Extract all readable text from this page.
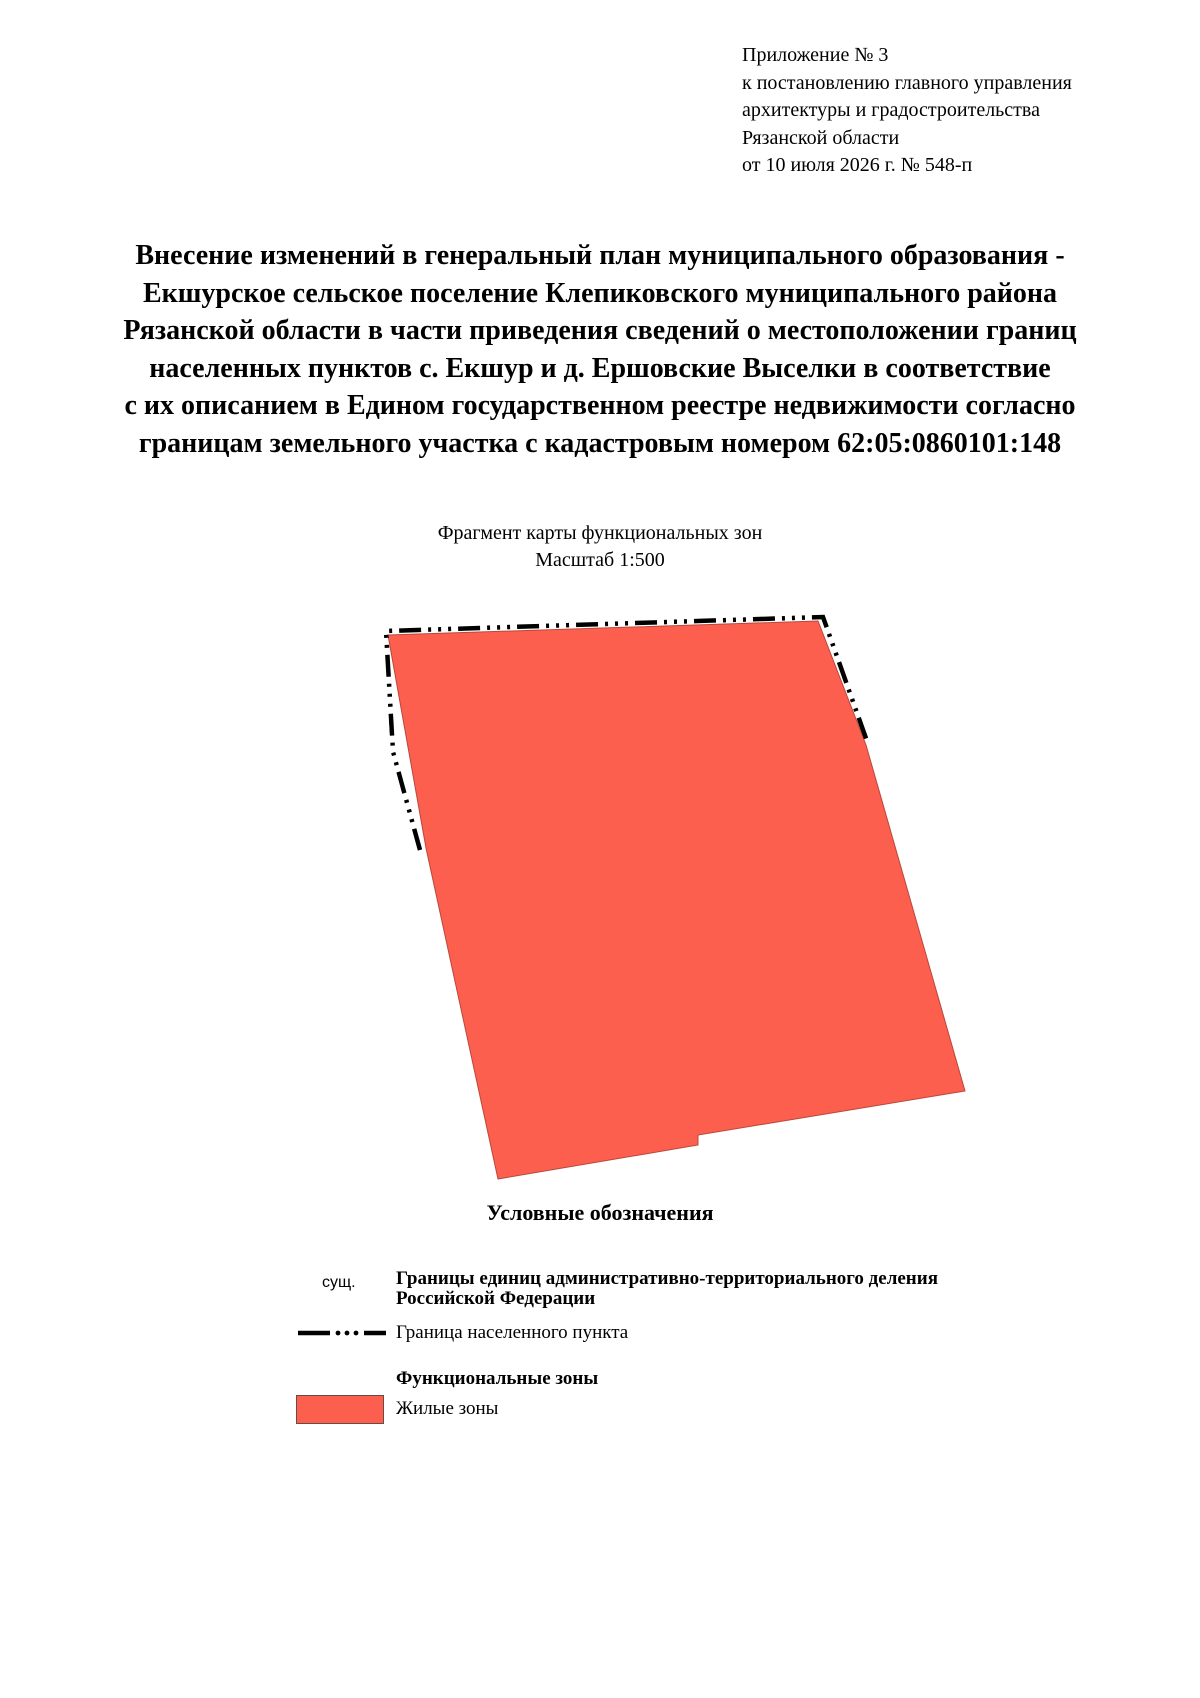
Приложение № 3
к постановлению главного управления
архитектуры и градостроительства
Рязанской области
от 10 июля 2026 г. № 548-п
Внесение изменений в генеральный план муниципального образования -
Екшурское сельское поселение Клепиковского муниципального района
Рязанской области в части приведения сведений о местоположении границ
населенных пунктов с. Екшур и д. Ершовские Выселки в соответствие
с их описанием в Едином государственном реестре недвижимости согласно
границам земельного участка с кадастровым номером 62:05:0860101:148
Фрагмент карты функциональных зон
Масштаб 1:500
Условные обозначения
сущ. Границы единиц административно-территориального деления Российской Федерации
Граница населенного пункта
Функциональные зоны
Жилые зоны
